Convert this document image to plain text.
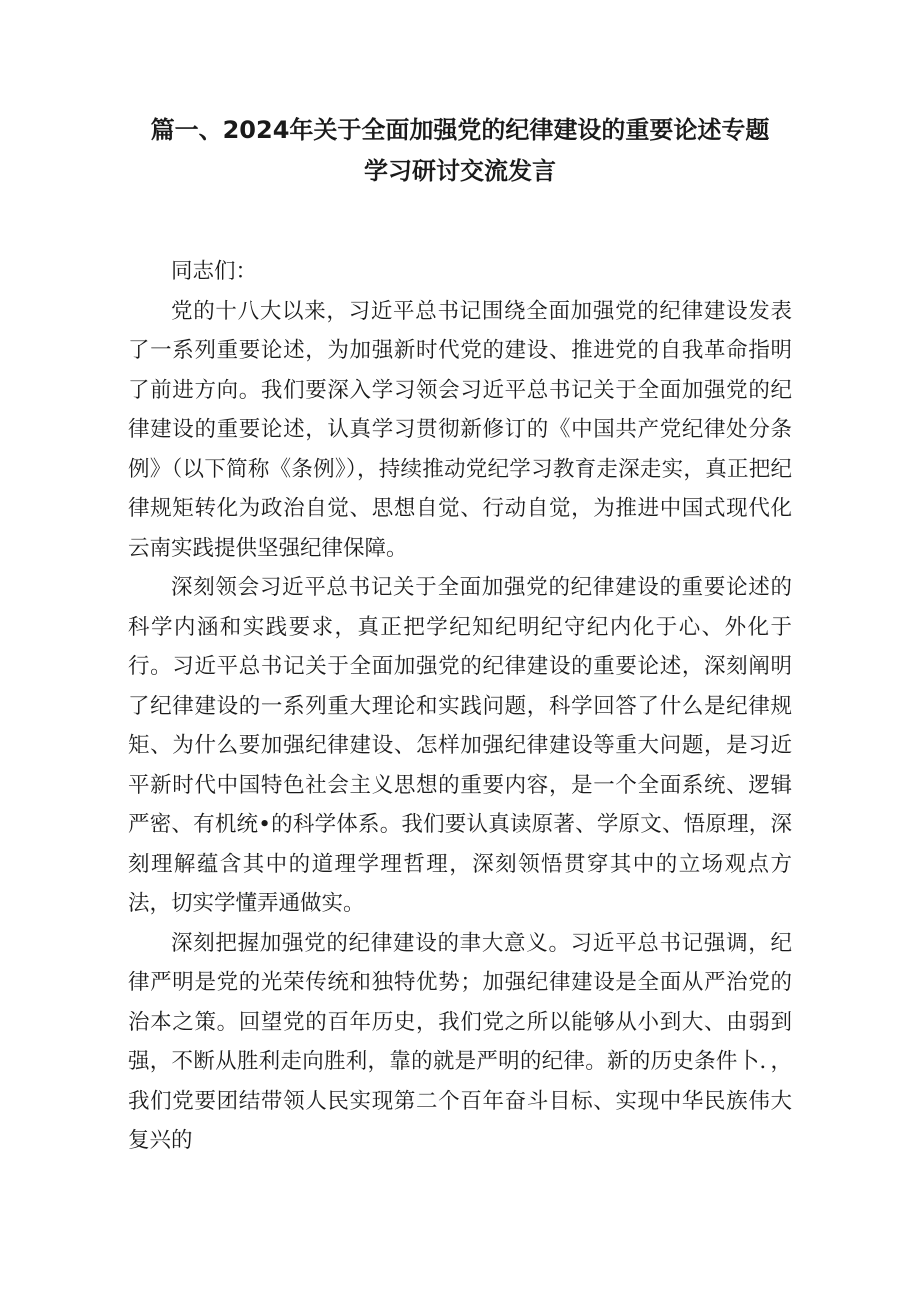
篇一、2024年关于全面加强党的纪律建设的重要论述专题
学习研讨交流发言

同志们：

党的十八大以来，习近平总书记围绕全面加强党的纪律建设发表了一系列重要论述，为加强新时代党的建设、推进党的自我革命指明了前进方向。我们要深入学习领会习近平总书记关于全面加强党的纪律建设的重要论述，认真学习贯彻新修订的《中国共产党纪律处分条例》（以下简称《条例》），持续推动党纪学习教育走深走实，真正把纪律规矩转化为政治自觉、思想自觉、行动自觉，为推进中国式现代化云南实践提供坚强纪律保障。

深刻领会习近平总书记关于全面加强党的纪律建设的重要论述的科学内涵和实践要求，真正把学纪知纪明纪守纪内化于心、外化于行。习近平总书记关于全面加强党的纪律建设的重要论述，深刻阐明了纪律建设的一系列重大理论和实践问题，科学回答了什么是纪律规矩、为什么要加强纪律建设、怎样加强纪律建设等重大问题，是习近平新时代中国特色社会主义思想的重要内容，是一个全面系统、逻辑严密、有机统•的科学体系。我们要认真读原著、学原文、悟原理，深刻理解蕴含其中的道理学理哲理，深刻领悟贯穿其中的立场观点方法，切实学懂弄通做实。

深刻把握加强党的纪律建设的聿大意义。习近平总书记强调，纪律严明是党的光荣传统和独特优势；加强纪律建设是全面从严治党的治本之策。回望党的百年历史，我们党之所以能够从小到大、由弱到强，不断从胜利走向胜利，靠的就是严明的纪律。新的历史条件卜．，我们党要团结带领人民实现第二个百年奋斗目标、实现中华民族伟大复兴的
